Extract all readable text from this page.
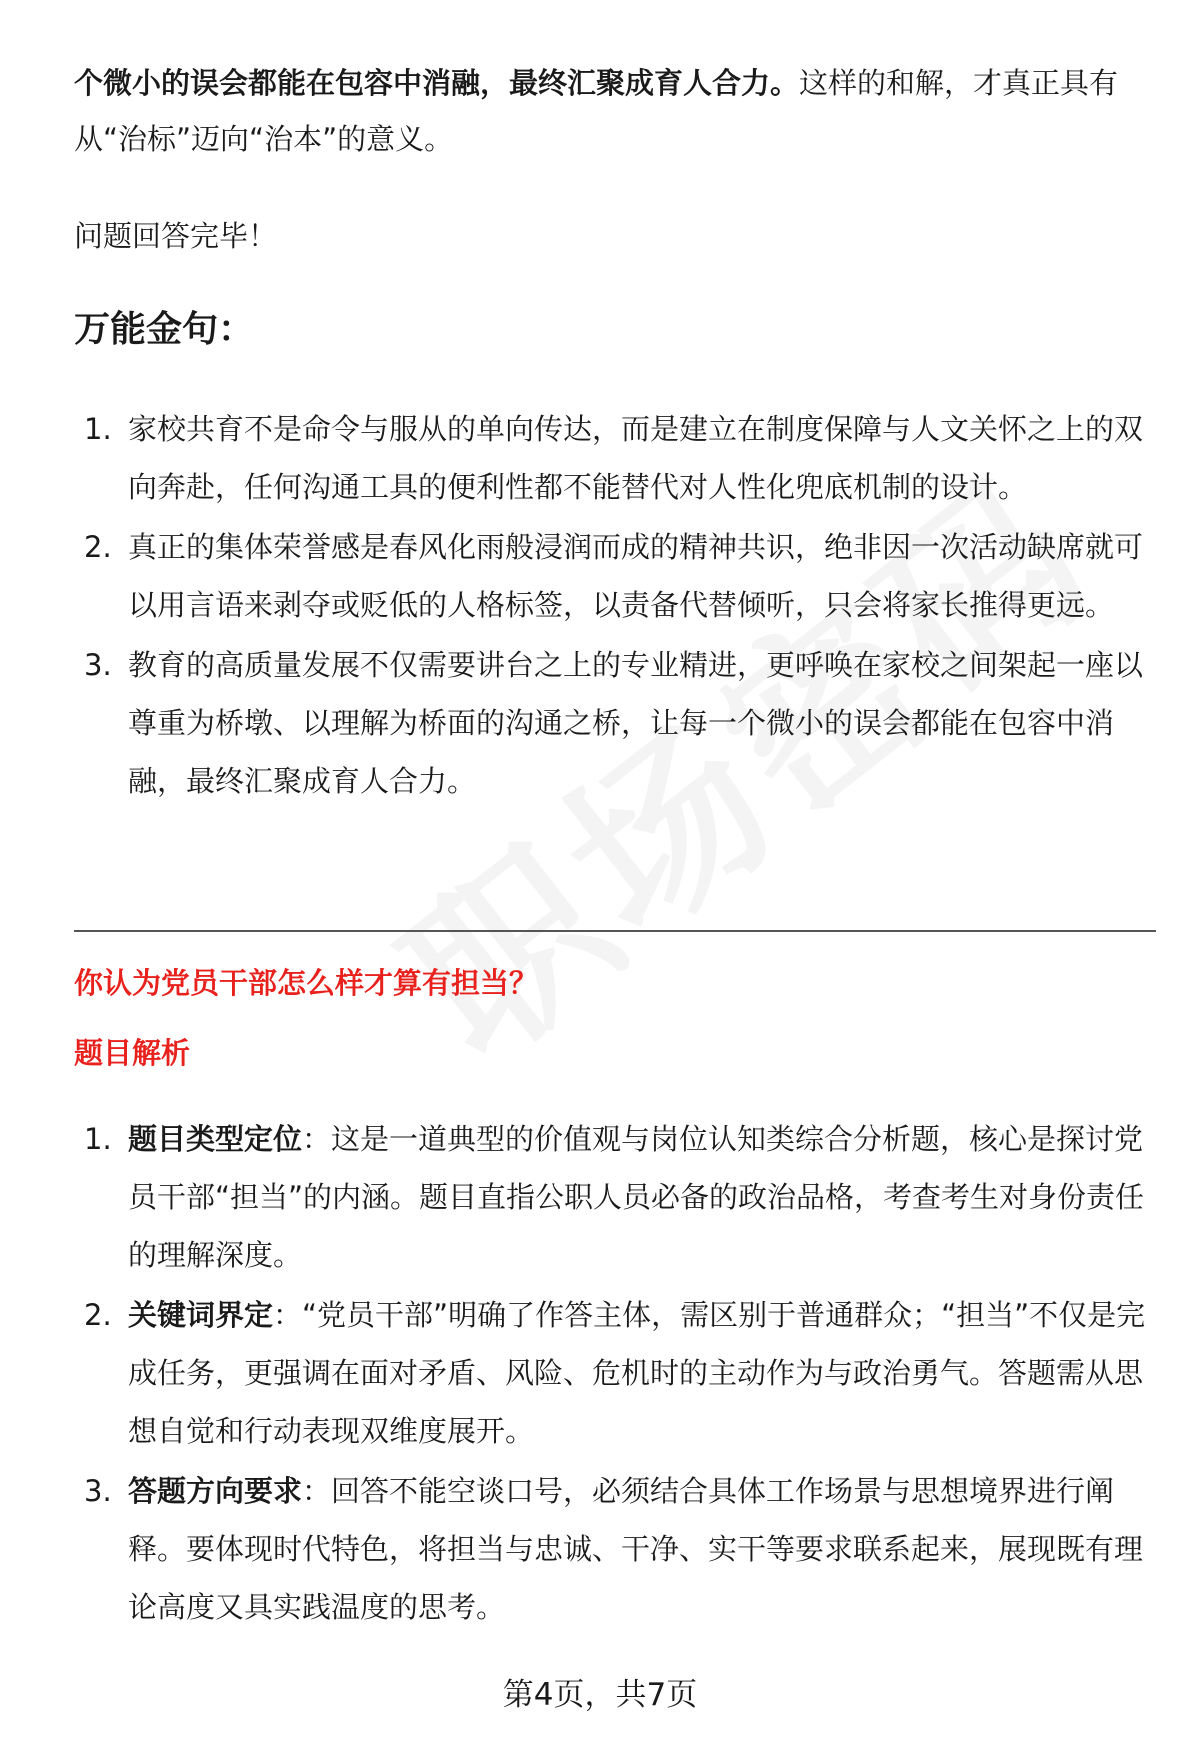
个微小的误会都能在包容中消融，最终汇聚成育人合力。这样的和解，才真正具有从“治标”迈向“治本”的意义。

问题回答完毕！

万能金句：
1. 家校共育不是命令与服从的单向传达，而是建立在制度保障与人文关怀之上的双向奔赴，任何沟通工具的便利性都不能替代对人性化兜底机制的设计。
2. 真正的集体荣誉感是春风化雨般浸润而成的精神共识，绝非因一次活动缺席就可以用言语来剥夺或贬低的人格标签，以责备代替倾听，只会将家长推得更远。
3. 教育的高质量发展不仅需要讲台之上的专业精进，更呼唤在家校之间架起一座以尊重为桥墩、以理解为桥面的沟通之桥，让每一个微小的误会都能在包容中消融，最终汇聚成育人合力。
你认为党员干部怎么样才算有担当？
题目解析
1. 题目类型定位：这是一道典型的价值观与岗位认知类综合分析题，核心是探讨党员干部“担当”的内涵。题目直指公职人员必备的政治品格，考查考生对身份责任的理解深度。
2. 关键词界定：“党员干部”明确了作答主体，需区别于普通群众；“担当”不仅是完成任务，更强调在面对矛盾、风险、危机时的主动作为与政治勇气。答题需从思想自觉和行动表现双维度展开。
3. 答题方向要求：回答不能空谈口号，必须结合具体工作场景与思想境界进行阐释。要体现时代特色，将担当与忠诚、干净、实干等要求联系起来，展现既有理论高度又具实践温度的思考。
第4页，共7页
